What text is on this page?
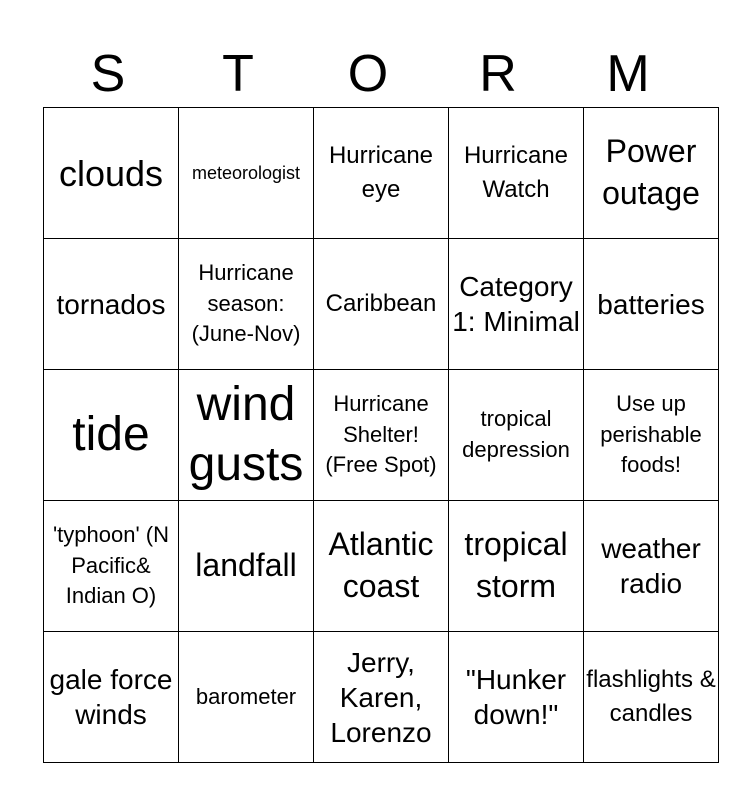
S	T	O	R	M
clouds	meteorologist	Hurricane eye	Hurricane Watch	Power outage
tornados	Hurricane season: (June-Nov)	Caribbean	Category 1: Minimal	batteries
tide	wind gusts	Hurricane Shelter! (Free Spot)	tropical depression	Use up perishable foods!
'typhoon' (N Pacific& Indian O)	landfall	Atlantic coast	tropical storm	weather radio
gale force winds	barometer	Jerry, Karen, Lorenzo	"Hunker down!"	flashlights & candles
